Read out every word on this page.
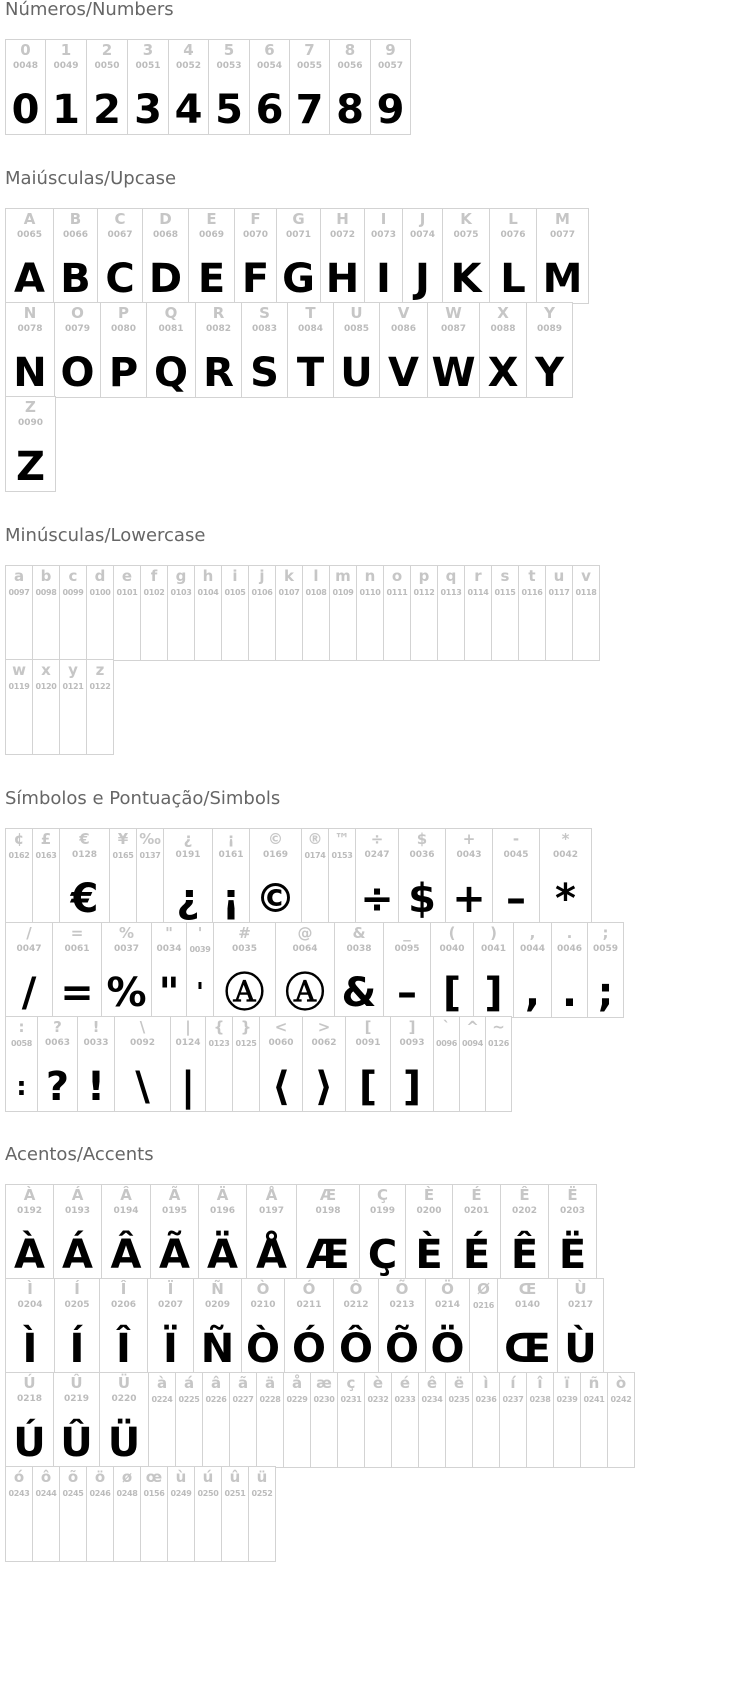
Números/Numbers
0
0048
0
1
0049
1
2
0050
2
3
0051
3
4
0052
4
5
0053
5
6
0054
6
7
0055
7
8
0056
8
9
0057
9
Maiúsculas/Upcase
A
0065
A
B
0066
B
C
0067
C
D
0068
D
E
0069
E
F
0070
F
G
0071
G
H
0072
H
I
0073
I
J
0074
J
K
0075
K
L
0076
L
M
0077
M
N
0078
N
O
0079
O
P
0080
P
Q
0081
Q
R
0082
R
S
0083
S
T
0084
T
U
0085
U
V
0086
V
W
0087
W
X
0088
X
Y
0089
Y
Z
0090
Z
Minúsculas/Lowercase
a
0097
b
0098
c
0099
d
0100
e
0101
f
0102
g
0103
h
0104
i
0105
j
0106
k
0107
l
0108
m
0109
n
0110
o
0111
p
0112
q
0113
r
0114
s
0115
t
0116
u
0117
v
0118
w
0119
x
0120
y
0121
z
0122
Símbolos e Pontuação/Simbols
¢
0162
£
0163
€
0128
€
¥
0165
‰
0137
¿
0191
¿
¡
0161
¡
©
0169
©
®
0174
™
0153
÷
0247
÷
$
0036
$
+
0043
+
-
0045
–
*
0042
*
/
0047
/
=
0061
=
%
0037
%
"
0034
"
'
0039
'
#
0035
Ⓐ
@
0064
Ⓐ
&
0038
&
_
0095
–
(
0040
[
)
0041
]
,
0044
,
.
0046
.
;
0059
;
:
0058
:
?
0063
?
!
0033
!
\
0092
\
|
0124
|
{
0123
}
0125
<
0060
⟨
>
0062
⟩
[
0091
[
]
0093
]
`
0096
^
0094
~
0126
Acentos/Accents
À
0192
À
Á
0193
Á
Â
0194
Â
Ã
0195
Ã
Ä
0196
Ä
Å
0197
Å
Æ
0198
Æ
Ç
0199
Ç
È
0200
È
É
0201
É
Ê
0202
Ê
Ë
0203
Ë
Ì
0204
Ì
Í
0205
Í
Î
0206
Î
Ï
0207
Ï
Ñ
0209
Ñ
Ò
0210
Ò
Ó
0211
Ó
Ô
0212
Ô
Õ
0213
Õ
Ö
0214
Ö
Ø
0216
Œ
0140
Œ
Ù
0217
Ù
Ú
0218
Ú
Û
0219
Û
Ü
0220
Ü
à
0224
á
0225
â
0226
ã
0227
ä
0228
å
0229
æ
0230
ç
0231
è
0232
é
0233
ê
0234
ë
0235
ì
0236
í
0237
î
0238
ï
0239
ñ
0241
ò
0242
ó
0243
ô
0244
õ
0245
ö
0246
ø
0248
œ
0156
ù
0249
ú
0250
û
0251
ü
0252
